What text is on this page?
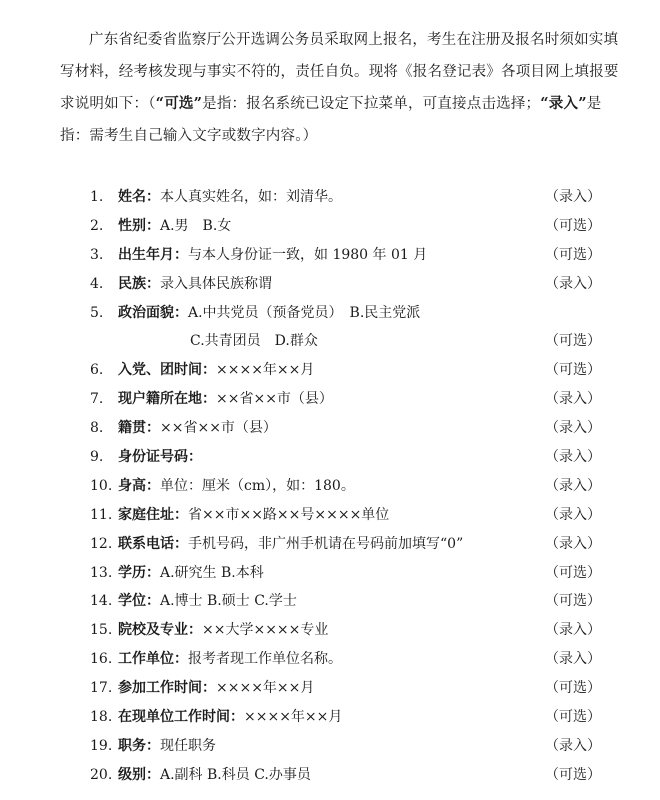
广东省纪委省监察厅公开选调公务员采取网上报名，考生在注册及报名时须如实填写材料，经考核发现与事实不符的，责任自负。现将《报名登记表》各项目网上填报要求说明如下：（“可选”是指：报名系统已设定下拉菜单，可直接点击选择；“录入”是指：需考生自己输入文字或数字内容。）

1.	姓名：本人真实姓名，如：刘清华。	（录入）
2.	性别：A.男　B.女	（可选）
3.	出生年月：与本人身份证一致，如 1980 年 01 月	（可选）
4.	民族：录入具体民族称谓	（录入）
5.	政治面貌：A.中共党员（预备党员）　B.民主党派
C.共青团员　D.群众	（可选）
6.	入党、团时间：××××年××月	（可选）
7.	现户籍所在地：××省××市（县）	（录入）
8.	籍贯：××省××市（县）	（录入）
9.	身份证号码：	（录入）
10. 身高：单位：厘米（cm），如：180。	（录入）
11. 家庭住址：省××市××路××号××××单位	（录入）
12. 联系电话：手机号码，非广州手机请在号码前加填写“0”	（录入）
13. 学历：A.研究生 B.本科	（可选）
14. 学位：A.博士 B.硕士 C.学士	（可选）
15. 院校及专业：××大学××××专业	（录入）
16. 工作单位：报考者现工作单位名称。	（录入）
17. 参加工作时间：××××年××月	（可选）
18. 在现单位工作时间：××××年××月	（可选）
19. 职务：现任职务	（录入）
20. 级别：A.副科 B.科员 C.办事员	（可选）
